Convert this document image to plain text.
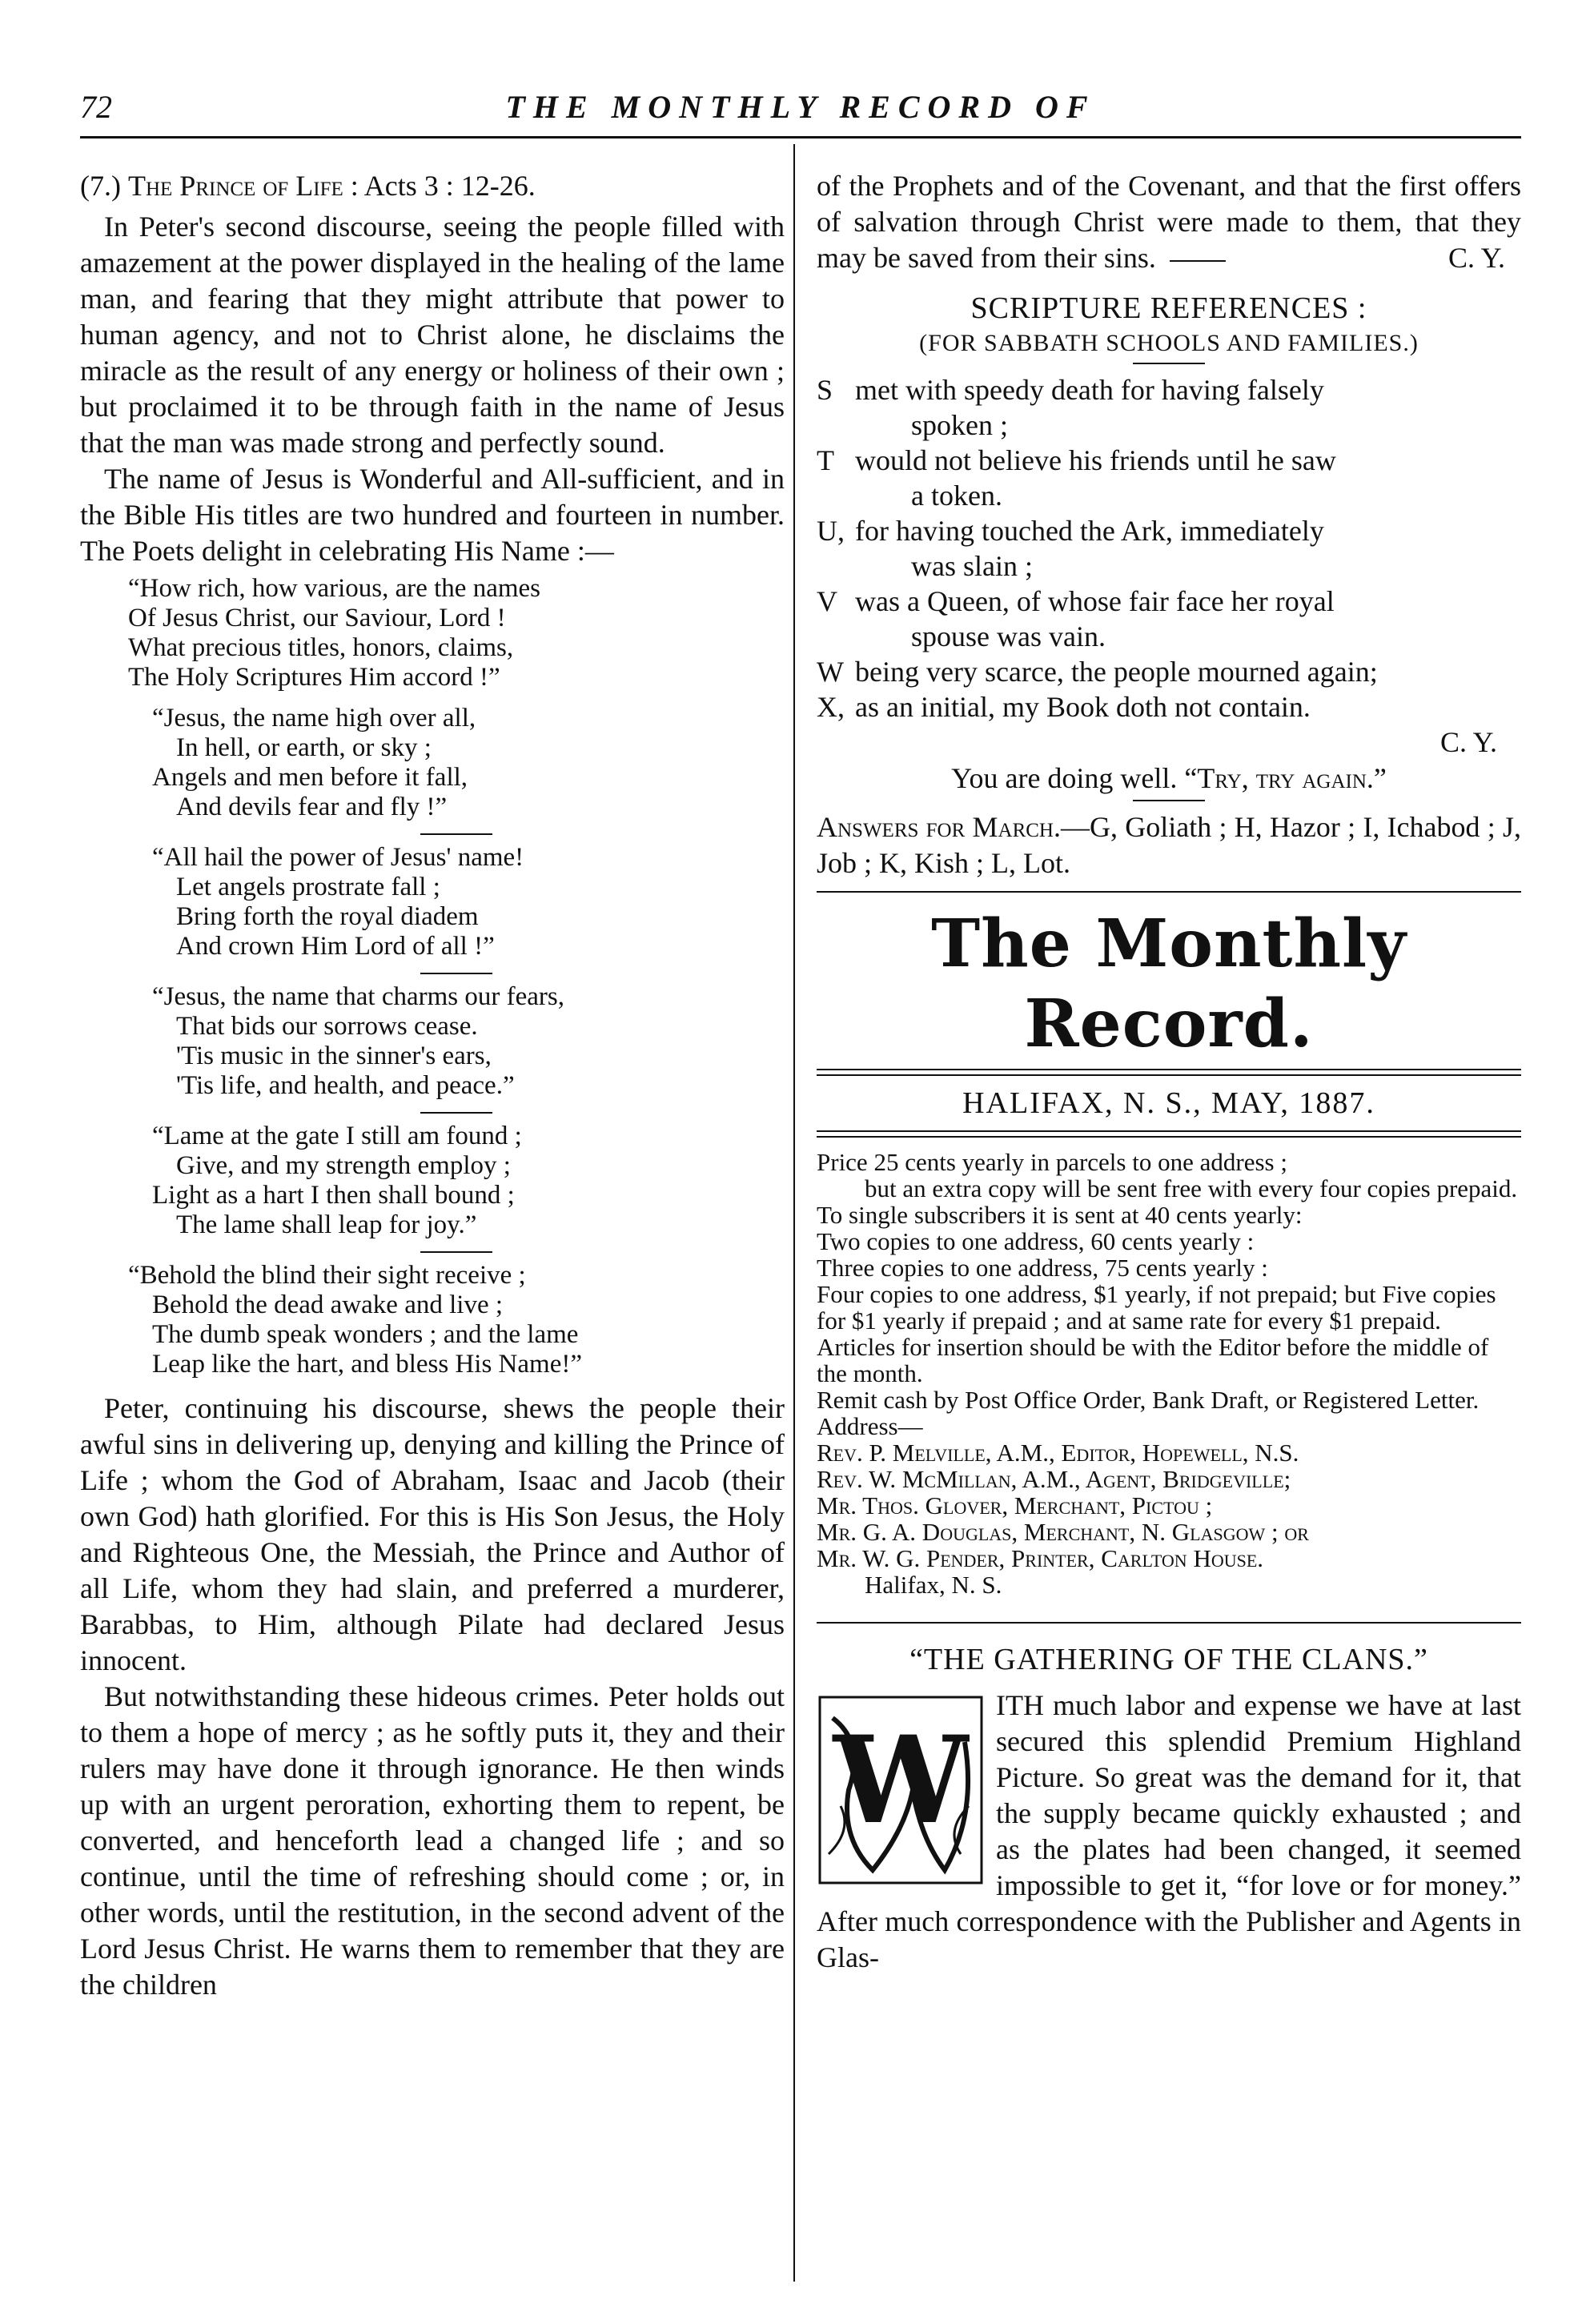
72	THE MONTHLY RECORD OF

(7.) The Prince of Life : Acts 3 : 12-26.

In Peter's second discourse, seeing the people filled with amazement at the power displayed in the healing of the lame man, and fearing that they might attribute that power to human agency, and not to Christ alone, he disclaims the miracle as the result of any energy or holiness of their own ; but proclaimed it to be through faith in the name of Jesus that the man was made strong and perfectly sound.

The name of Jesus is Wonderful and All-sufficient, and in the Bible His titles are two hundred and fourteen in number. The Poets delight in celebrating His Name :—

“How rich, how various, are the names
Of Jesus Christ, our Saviour, Lord !
What precious titles, honors, claims,
The Holy Scriptures Him accord !”
“Jesus, the name high over all,
In hell, or earth, or sky ;
Angels and men before it fall,
And devils fear and fly !”
“All hail the power of Jesus' name!
Let angels prostrate fall ;
Bring forth the royal diadem
And crown Him Lord of all !”
“Jesus, the name that charms our fears,
That bids our sorrows cease.
'Tis music in the sinner's ears,
'Tis life, and health, and peace.”
“Lame at the gate I still am found ;
Give, and my strength employ ;
Light as a hart I then shall bound ;
The lame shall leap for joy.”
“Behold the blind their sight receive ;
Behold the dead awake and live ;
The dumb speak wonders ; and the lame
Leap like the hart, and bless His Name!”

Peter, continuing his discourse, shews the people their awful sins in delivering up, denying and killing the Prince of Life ; whom the God of Abraham, Isaac and Jacob (their own God) hath glorified. For this is His Son Jesus, the Holy and Righteous One, the Messiah, the Prince and Author of all Life, whom they had slain, and preferred a murderer, Barabbas, to Him, although Pilate had declared Jesus innocent.

But notwithstanding these hideous crimes. Peter holds out to them a hope of mercy ; as he softly puts it, they and their rulers may have done it through ignorance. He then winds up with an urgent peroration, exhorting them to repent, be converted, and henceforth lead a changed life ; and so continue, until the time of refreshing should come ; or, in other words, until the restitution, in the second advent of the Lord Jesus Christ. He warns them to remember that they are the children

of the Prophets and of the Covenant, and that the first offers of salvation through Christ were made to them, that they may be saved from their sins.	C. Y.

SCRIPTURE REFERENCES :
(FOR SABBATH SCHOOLS AND FAMILIES.)
S met with speedy death for having falsely
spoken ;
T would not believe his friends until he saw
a token.
U, for having touched the Ark, immediately
was slain ;
V was a Queen, of whose fair face her royal
spouse was vain.
W being very scarce, the people mourned again;
X, as an initial, my Book doth not contain.
C. Y.
You are doing well. “Try, try again.”

Answers for March.—G, Goliath ; H, Hazor ; I, Ichabod ; J, Job ; K, Kish ; L, Lot.

The Monthly Record.
HALIFAX, N. S., MAY, 1887.
Price 25 cents yearly in parcels to one address ;
but an extra copy will be sent free with every four copies prepaid.
To single subscribers it is sent at 40 cents yearly:
Two copies to one address, 60 cents yearly :
Three copies to one address, 75 cents yearly :
Four copies to one address, $1 yearly, if not prepaid; but Five copies for $1 yearly if prepaid ; and at same rate for every $1 prepaid.
Articles for insertion should be with the Editor before the middle of the month.
Remit cash by Post Office Order, Bank Draft, or Registered Letter. Address—
Rev. P. Melville, A.M., Editor, Hopewell, N.S.
Rev. W. McMillan, A.M., Agent, Bridgeville;
Mr. Thos. Glover, Merchant, Pictou ;
Mr. G. A. Douglas, Merchant, N. Glasgow ; or
Mr. W. G. Pender, Printer, Carlton House.
Halifax, N. S.
“THE GATHERING OF THE CLANS.”
W

ITH much labor and expense we have at last secured this splendid Premium Highland Picture. So great was the demand for it, that the supply became quickly exhausted ; and as the plates had been changed, it seemed impossible to get it, “for love or for money.” After much correspondence with the Publisher and Agents in Glas-
